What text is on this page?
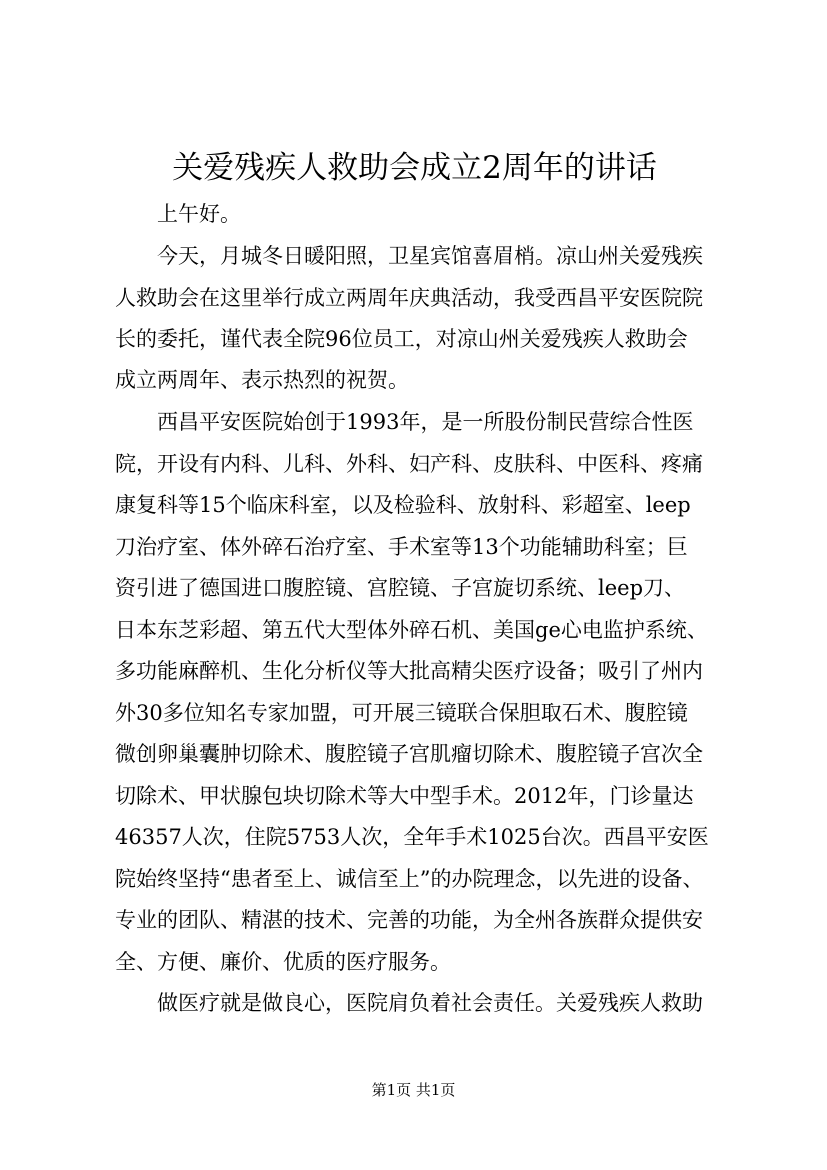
关爱残疾人救助会成立2周年的讲话
上午好。
今天，月城冬日暖阳照，卫星宾馆喜眉梢。凉山州关爱残疾
人救助会在这里举行成立两周年庆典活动，我受西昌平安医院院
长的委托，谨代表全院96位员工，对凉山州关爱残疾人救助会
成立两周年、表示热烈的祝贺。
西昌平安医院始创于1993年，是一所股份制民营综合性医
院，开设有内科、儿科、外科、妇产科、皮肤科、中医科、疼痛
康复科等15个临床科室，以及检验科、放射科、彩超室、leep
刀治疗室、体外碎石治疗室、手术室等13个功能辅助科室；巨
资引进了德国进口腹腔镜、宫腔镜、子宫旋切系统、leep刀、
日本东芝彩超、第五代大型体外碎石机、美国ge心电监护系统、
多功能麻醉机、生化分析仪等大批高精尖医疗设备；吸引了州内
外30多位知名专家加盟，可开展三镜联合保胆取石术、腹腔镜
微创卵巢囊肿切除术、腹腔镜子宫肌瘤切除术、腹腔镜子宫次全
切除术、甲状腺包块切除术等大中型手术。2012年，门诊量达
46357人次，住院5753人次，全年手术1025台次。西昌平安医
院始终坚持“患者至上、诚信至上”的办院理念，以先进的设备、
专业的团队、精湛的技术、完善的功能，为全州各族群众提供安
全、方便、廉价、优质的医疗服务。
做医疗就是做良心，医院肩负着社会责任。关爱残疾人救助
第1页 共1页
